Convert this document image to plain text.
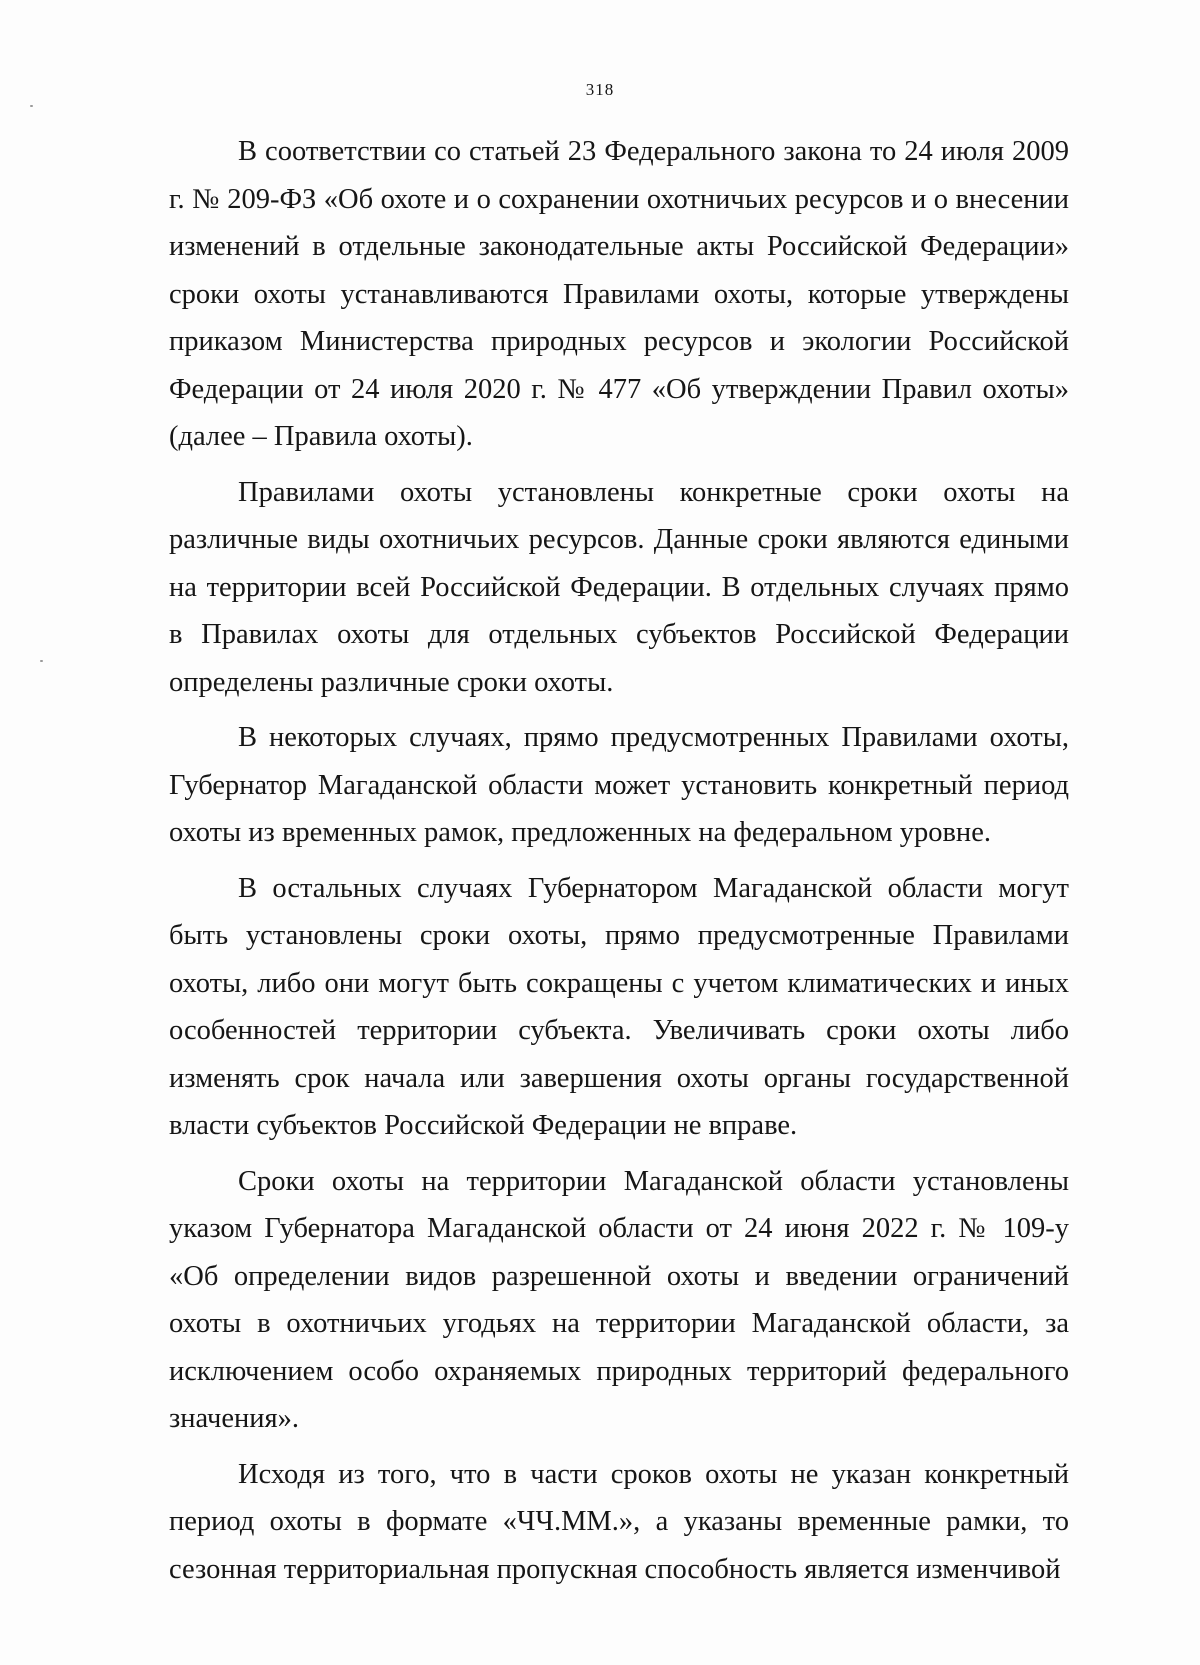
318

В соответствии со статьей 23 Федерального закона то 24 июля 2009 г. № 209-ФЗ «Об охоте и о сохранении охотничьих ресурсов и о внесении изменений в отдельные законодательные акты Российской Федерации» сроки охоты устанавливаются Правилами охоты, которые утверждены приказом Министерства природных ресурсов и экологии Российской Федерации от 24 июля 2020 г. № 477 «Об утверждении Правил охоты» (далее – Правила охоты).

Правилами охоты установлены конкретные сроки охоты на различные виды охотничьих ресурсов. Данные сроки являются едиными на территории всей Российской Федерации. В отдельных случаях прямо в Правилах охоты для отдельных субъектов Российской Федерации определены различные сроки охоты.

В некоторых случаях, прямо предусмотренных Правилами охоты, Губернатор Магаданской области может установить конкретный период охоты из временных рамок, предложенных на федеральном уровне.

В остальных случаях Губернатором Магаданской области могут быть установлены сроки охоты, прямо предусмотренные Правилами охоты, либо они могут быть сокращены с учетом климатических и иных особенностей территории субъекта. Увеличивать сроки охоты либо изменять срок начала или завершения охоты органы государственной власти субъектов Российской Федерации не вправе.

Сроки охоты на территории Магаданской области установлены указом Губернатора Магаданской области от 24 июня 2022 г. № 109-у «Об определении видов разрешенной охоты и введении ограничений охоты в охотничьих угодьях на территории Магаданской области, за исключением особо охраняемых природных территорий федерального значения».

Исходя из того, что в части сроков охоты не указан конкретный период охоты в формате «ЧЧ.ММ.», а указаны временные рамки, то сезонная территориальная пропускная способность является изменчивой
